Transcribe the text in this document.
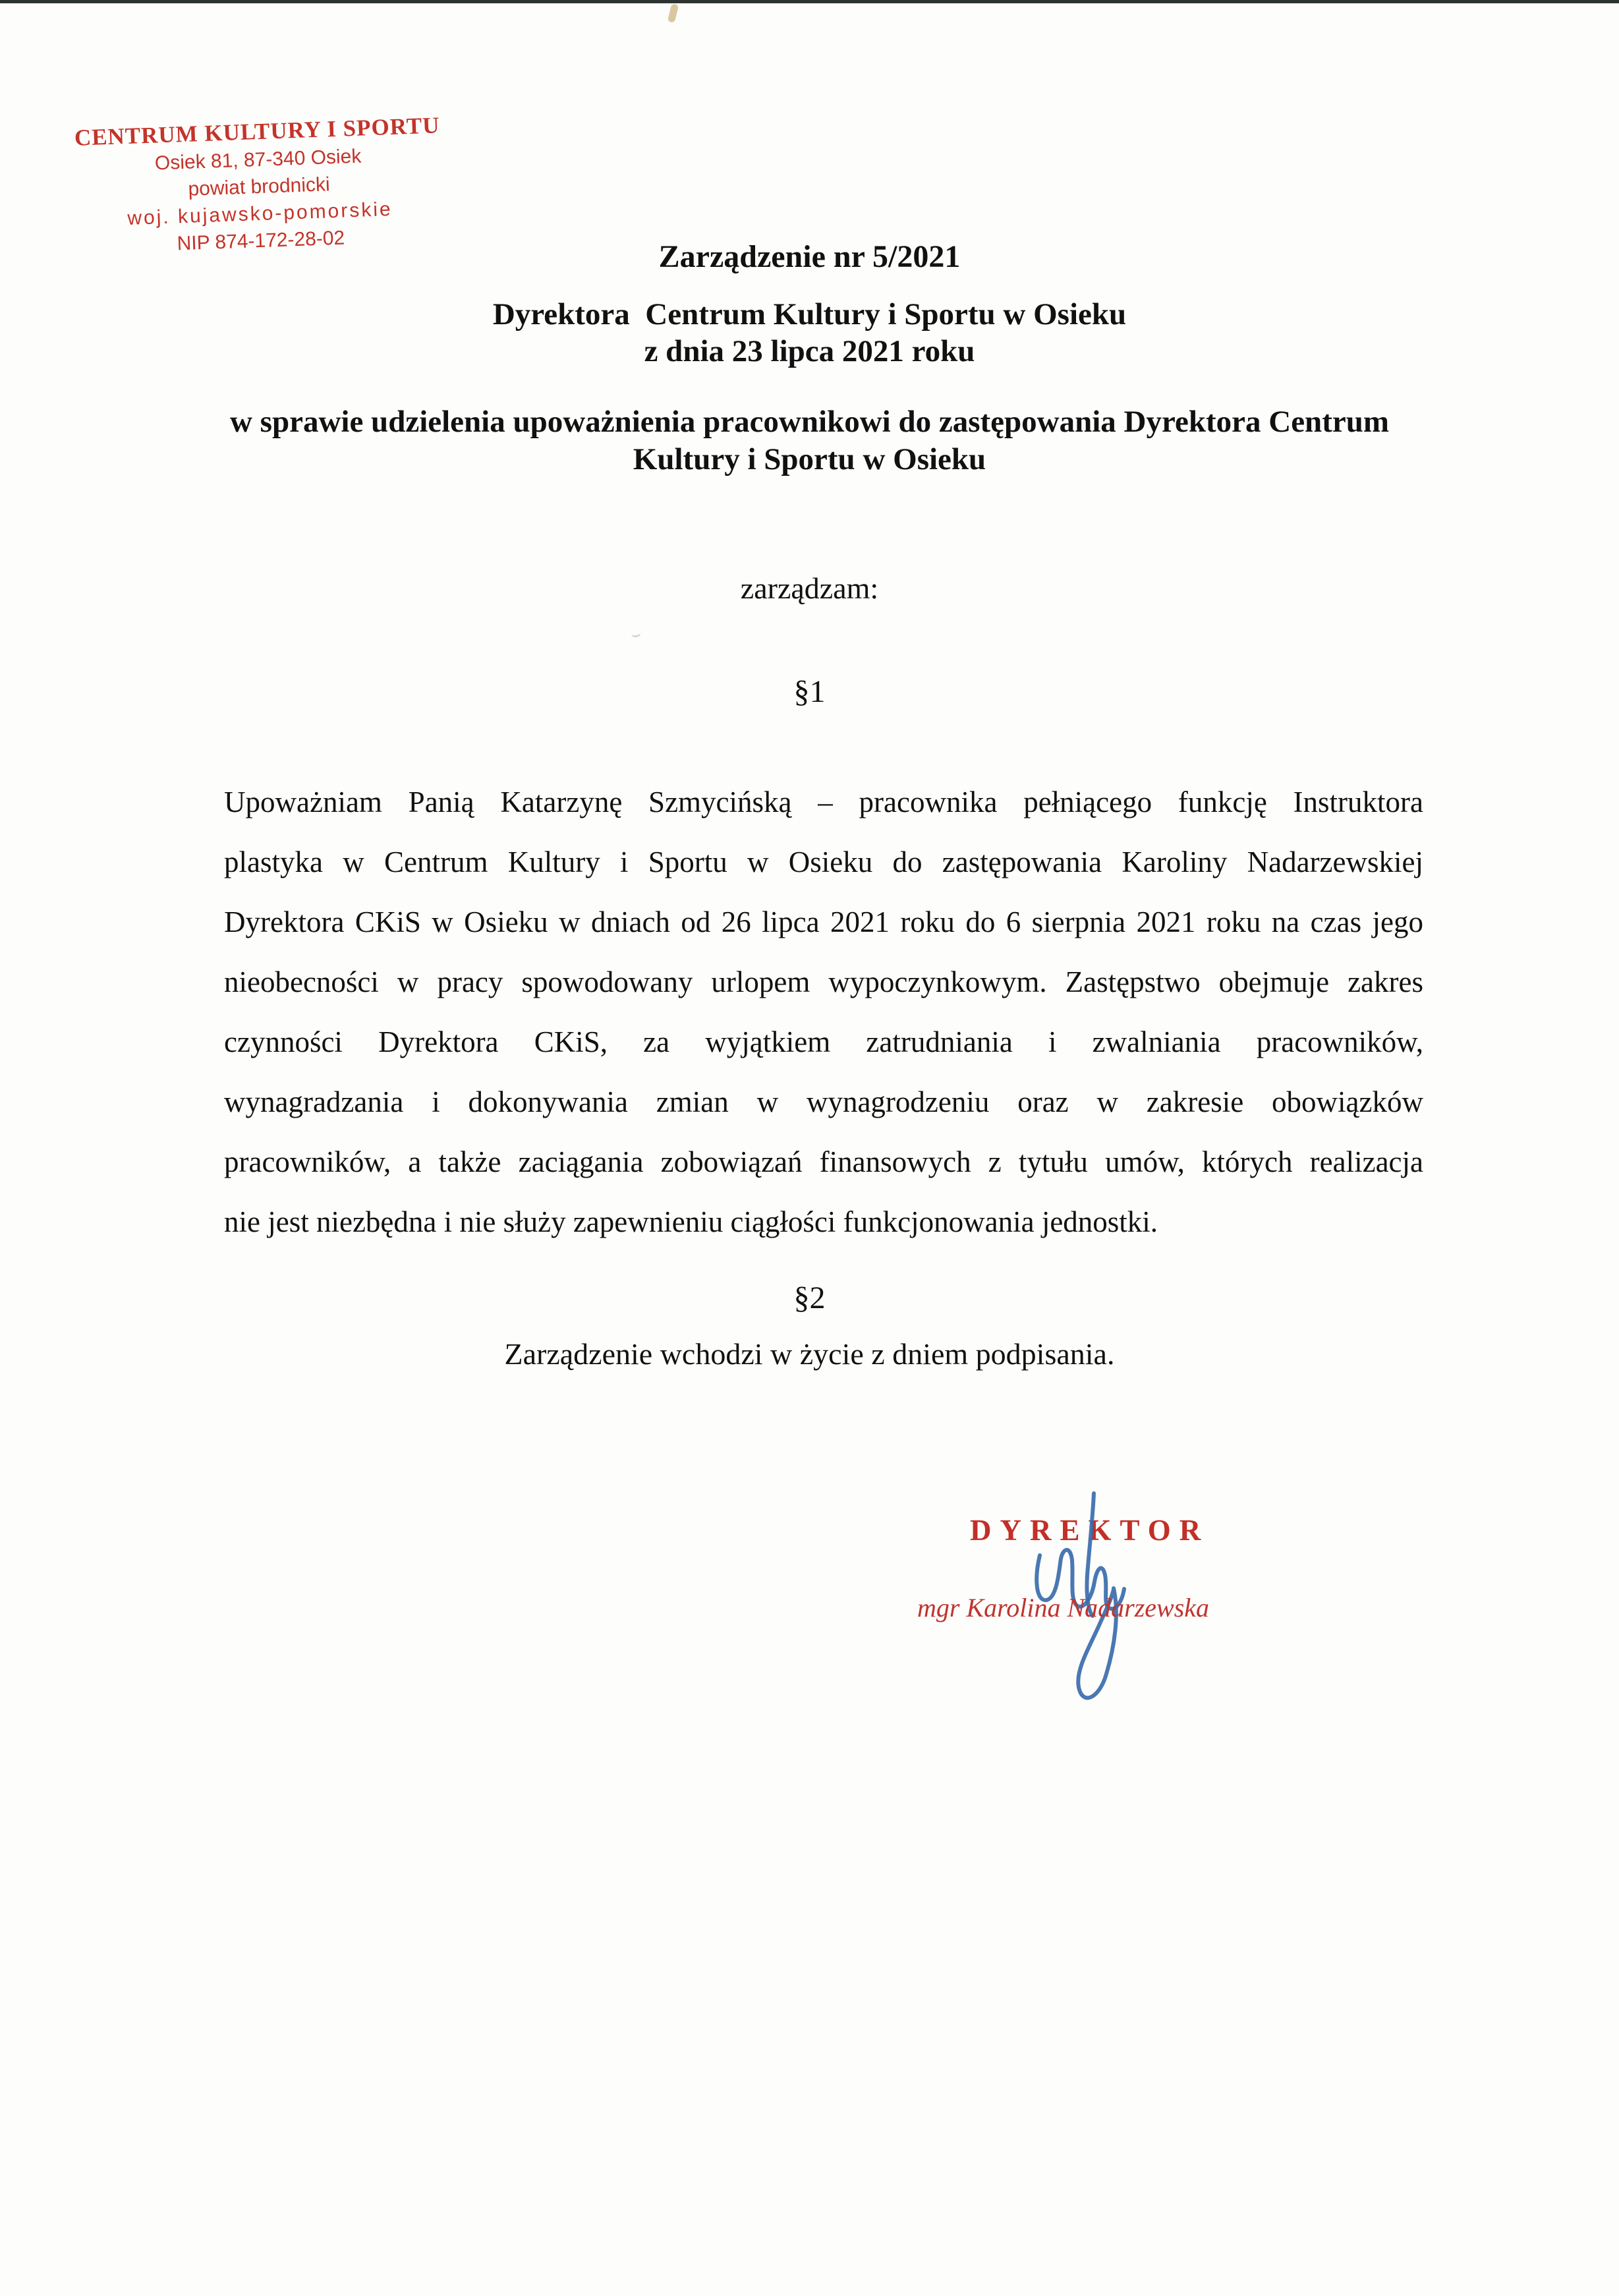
CENTRUM KULTURY I SPORTU
Osiek 81, 87-340 Osiek
powiat brodnicki
woj. kujawsko-pomorskie
NIP 874-172-28-02	Zarządzenie nr 5/2021
Dyrektora  Centrum Kultury i Sportu w Osieku
z dnia 23 lipca 2021 roku
w sprawie udzielenia upoważnienia pracownikowi do zastępowania Dyrektora Centrum
Kultury i Sportu w Osieku
zarządzam:
§1
Upoważniam Panią Katarzynę Szmycińską – pracownika pełniącego funkcję Instruktora
plastyka w Centrum Kultury i Sportu w Osieku do zastępowania Karoliny Nadarzewskiej
Dyrektora CKiS w Osieku w dniach od 26 lipca 2021 roku do 6 sierpnia 2021 roku na czas jego
nieobecności w pracy spowodowany urlopem wypoczynkowym. Zastępstwo obejmuje zakres
czynności Dyrektora CKiS, za wyjątkiem zatrudniania i zwalniania pracowników,
wynagradzania i dokonywania zmian w wynagrodzeniu oraz w zakresie obowiązków
pracowników, a także zaciągania zobowiązań finansowych z tytułu umów, których realizacja
nie jest niezbędna i nie służy zapewnieniu ciągłości funkcjonowania jednostki.
§2
Zarządzenie wchodzi w życie z dniem podpisania.
DYREKTOR
mgr Karolina Nadarzewska
